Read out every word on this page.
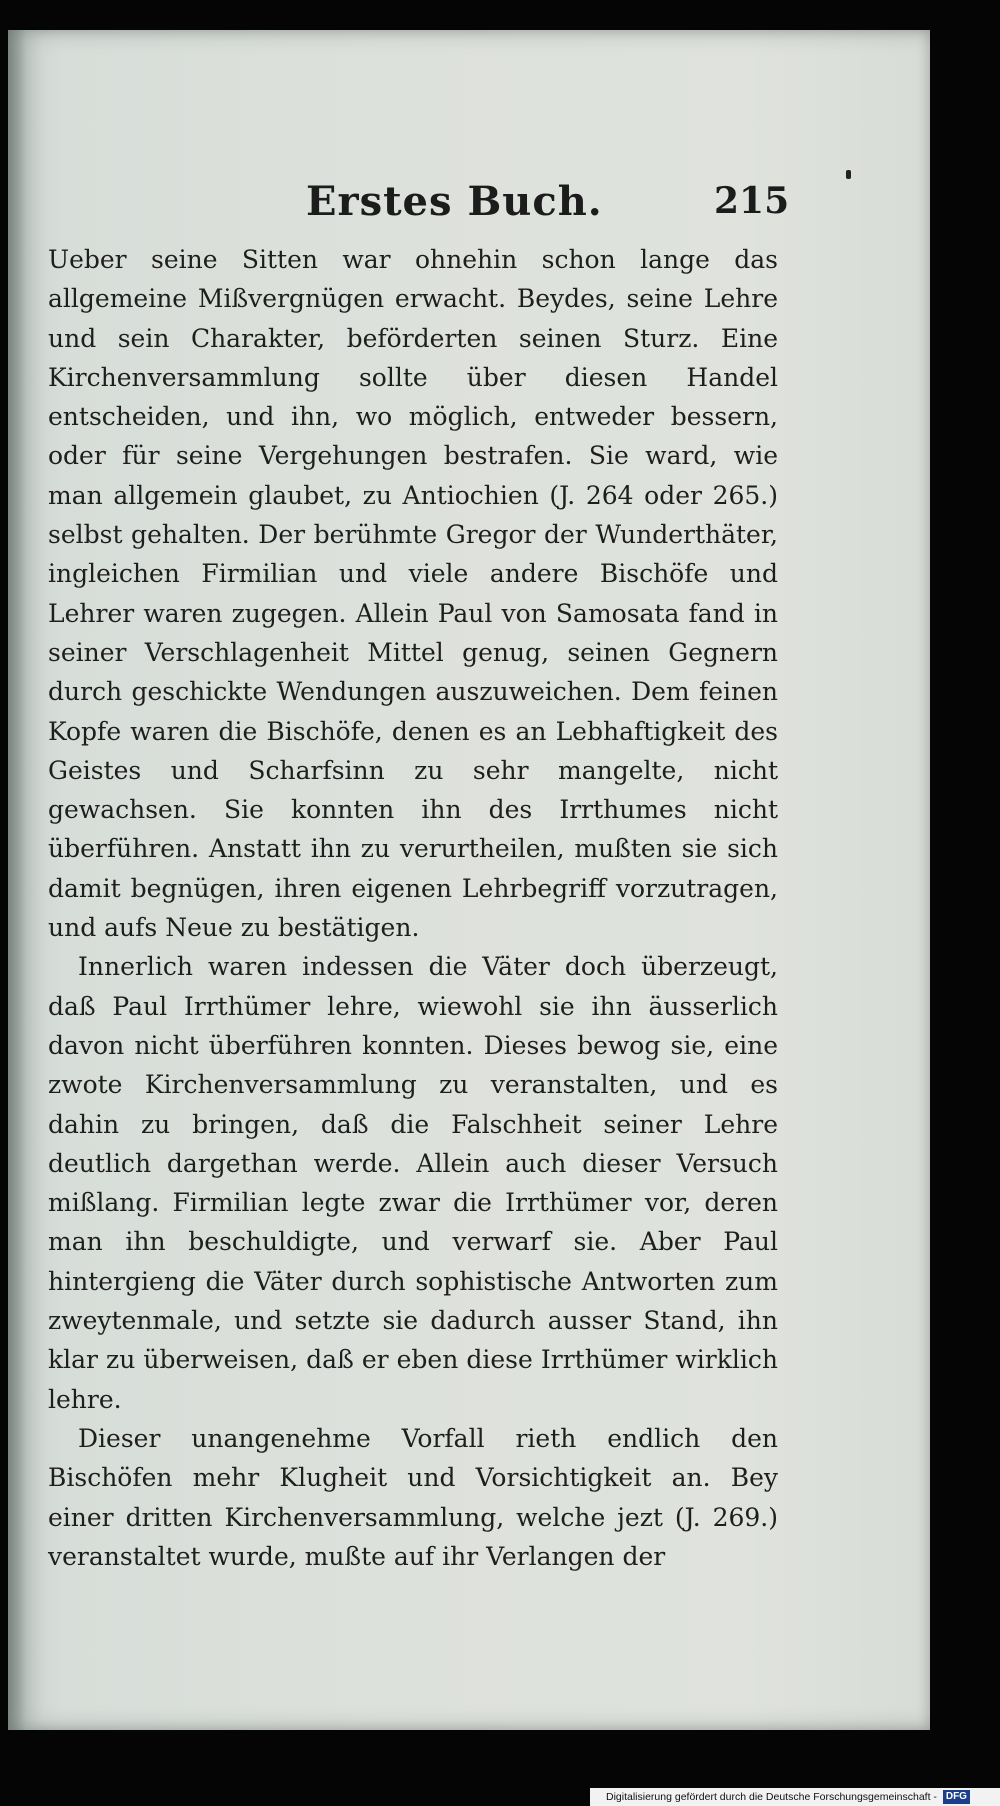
Erstes Buch.	215

Ueber seine Sitten war ohnehin schon lange das allgemeine Mißvergnügen erwacht. Beydes, seine Lehre und sein Charakter, beförderten seinen Sturz. Eine Kirchenversammlung sollte über diesen Handel entscheiden, und ihn, wo möglich, entweder bessern, oder für seine Vergehungen bestrafen. Sie ward, wie man allgemein glaubet, zu Antiochien (J. 264 oder 265.) selbst gehalten. Der berühmte Gregor der Wunderthäter, ingleichen Firmilian und viele andere Bischöfe und Lehrer waren zugegen. Allein Paul von Samosata fand in seiner Verschlagenheit Mittel genug, seinen Gegnern durch geschickte Wendungen auszuweichen. Dem feinen Kopfe waren die Bischöfe, denen es an Lebhaftigkeit des Geistes und Scharfsinn zu sehr mangelte, nicht gewachsen. Sie konnten ihn des Irrthumes nicht überführen. Anstatt ihn zu verurtheilen, mußten sie sich damit begnügen, ihren eigenen Lehrbegriff vorzutragen, und aufs Neue zu bestätigen.

Innerlich waren indessen die Väter doch überzeugt, daß Paul Irrthümer lehre, wiewohl sie ihn äusserlich davon nicht überführen konnten. Dieses bewog sie, eine zwote Kirchenversammlung zu veranstalten, und es dahin zu bringen, daß die Falschheit seiner Lehre deutlich dargethan werde. Allein auch dieser Versuch mißlang. Firmilian legte zwar die Irrthümer vor, deren man ihn beschuldigte, und verwarf sie. Aber Paul hintergieng die Väter durch sophistische Antworten zum zweytenmale, und setzte sie dadurch ausser Stand, ihn klar zu überweisen, daß er eben diese Irrthümer wirklich lehre.

Dieser unangenehme Vorfall rieth endlich den Bischöfen mehr Klugheit und Vorsichtigkeit an. Bey einer dritten Kirchenversammlung, welche jezt (J. 269.) veranstaltet wurde, mußte auf ihr Verlangen der

Digitalisierung gefördert durch die Deutsche Forschungsgemeinschaft - DFG
